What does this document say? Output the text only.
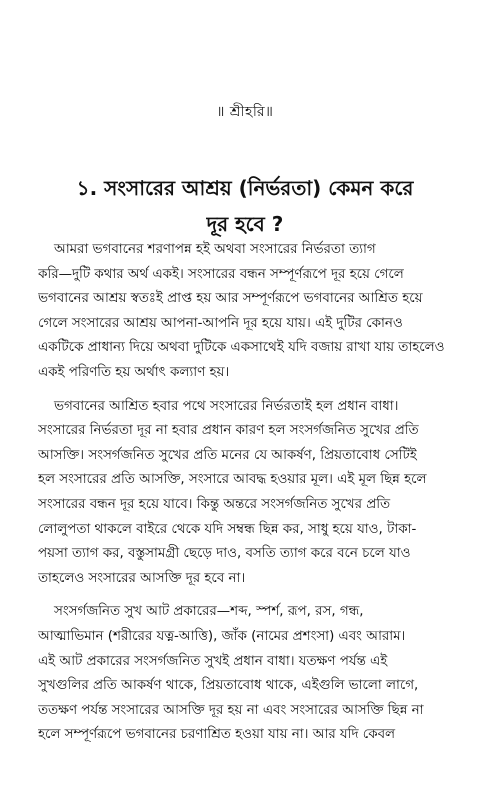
॥ শ্রীহরি॥
১. সংসারের আশ্রয় (নির্ভরতা) কেমন করে
দূর হবে ?
আমরা ভগবানের শরণাপন্ন হই অথবা সংসারের নির্ভরতা ত্যাগ
করি—দুটি কথার অর্থ একই। সংসারের বন্ধন সম্পূর্ণরূপে দূর হয়ে গেলে
ভগবানের আশ্রয় স্বতঃই প্রাপ্ত হয় আর সম্পূর্ণরূপে ভগবানের আশ্রিত হয়ে
গেলে সংসারের আশ্রয় আপনা-আপনি দূর হয়ে যায়। এই দুটির কোনও
একটিকে প্রাধান্য দিয়ে অথবা দুটিকে একসাথেই যদি বজায় রাখা যায় তাহলেও
একই পরিণতি হয় অর্থাৎ কল্যাণ হয়।
ভগবানের আশ্রিত হবার পথে সংসারের নির্ভরতাই হল প্রধান বাধা।
সংসারের নির্ভরতা দূর না হবার প্রধান কারণ হল সংসর্গজনিত সুখের প্রতি
আসক্তি। সংসর্গজনিত সুখের প্রতি মনের যে আকর্ষণ, প্রিয়তাবোধ সেটিই
হল সংসারের প্রতি আসক্তি, সংসারে আবদ্ধ হওয়ার মূল। এই মূল ছিন্ন হলে
সংসারের বন্ধন দূর হয়ে যাবে। কিন্তু অন্তরে সংসর্গজনিত সুখের প্রতি
লোলুপতা থাকলে বাইরে থেকে যদি সম্বন্ধ ছিন্ন কর, সাধু হয়ে যাও, টাকা-
পয়সা ত্যাগ কর, বস্তুসামগ্রী ছেড়ে দাও, বসতি ত্যাগ করে বনে চলে যাও
তাহলেও সংসারের আসক্তি দূর হবে না।
সংসর্গজনিত সুখ আট প্রকারের—শব্দ, স্পর্শ, রূপ, রস, গন্ধ,
আত্মাভিমান (শরীরের যত্ন-আত্তি), জাঁক (নামের প্রশংসা) এবং আরাম।
এই আট প্রকারের সংসর্গজনিত সুখই প্রধান বাধা। যতক্ষণ পর্যন্ত এই
সুখগুলির প্রতি আকর্ষণ থাকে, প্রিয়তাবোধ থাকে, এইগুলি ভালো লাগে,
ততক্ষণ পর্যন্ত সংসারের আসক্তি দূর হয় না এবং সংসারের আসক্তি ছিন্ন না
হলে সম্পূর্ণরূপে ভগবানের চরণাশ্রিত হওয়া যায় না। আর যদি কেবল
